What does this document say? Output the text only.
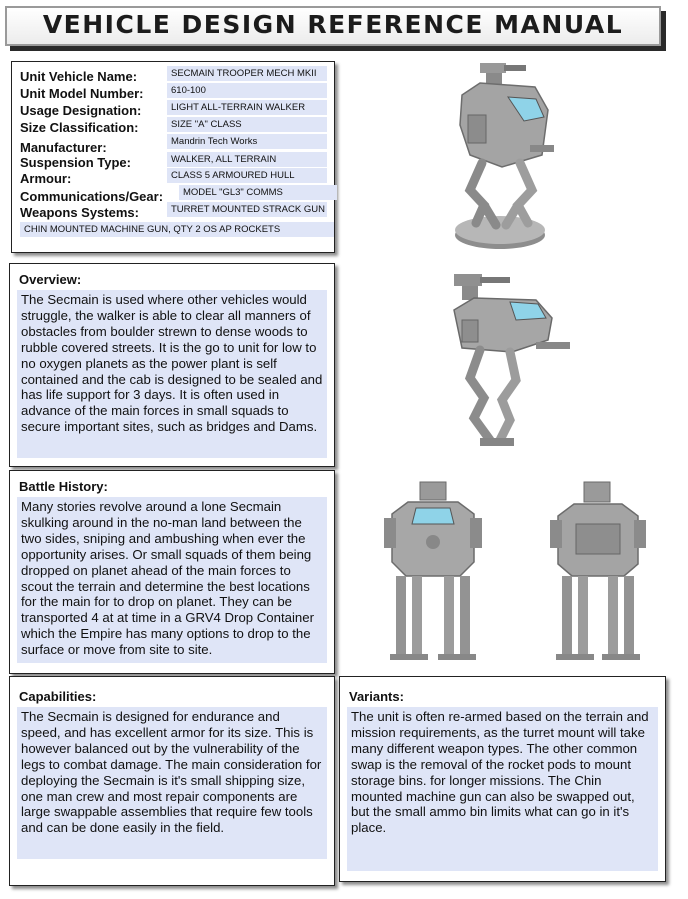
VEHICLE DESIGN REFERENCE MANUAL
Unit Vehicle Name:	SECMAIN TROOPER MECH MKII
Unit Model Number:	610-100
Usage Designation:	LIGHT ALL-TERRAIN WALKER
Size Classification:	SIZE "A" CLASS
Manufacturer:	Mandrin Tech Works
Suspension Type:	WALKER, ALL TERRAIN
Armour:	CLASS 5 ARMOURED HULL
Communications/Gear:	MODEL "GL3" COMMS
Weapons Systems:	TURRET MOUNTED STRACK GUN
CHIN MOUNTED MACHINE GUN, QTY 2 OS AP ROCKETS
Overview:
The Secmain is used where other vehicles would struggle, the walker is able to clear all manners of obstacles from boulder strewn to dense woods to rubble covered streets. It is the go to unit for low to no oxygen planets as the power plant is self contained and the cab is designed to be sealed and has life support for 3 days. It is often used in advance of the main forces in small squads to secure important sites, such as bridges and Dams.
Battle History:
Many stories revolve around a lone Secmain skulking around in the no-man land between the two sides, sniping and ambushing when ever the opportunity arises. Or small squads of them being dropped on planet ahead of the main forces to scout the terrain and determine the best locations for the main for to drop on planet. They can be transported 4 at at time in a GRV4 Drop Container which the Empire has many options to drop to the surface or move from site to site.
Capabilities:
The Secmain is designed for endurance and speed, and has excellent armor for its size. This is however balanced out by the vulnerability of the legs to combat damage. The main consideration for deploying the Secmain is it's small shipping size, one man crew and most repair components are large swappable assemblies that require few tools and can be done easily in the field.
Variants:
The unit is often re-armed based on the terrain and mission requirements, as the turret mount will take many different weapon types. The other common swap is the removal of the rocket pods to mount storage bins. for longer missions. The Chin mounted machine gun can also be swapped out, but the small ammo bin limits what can go in it's place.
